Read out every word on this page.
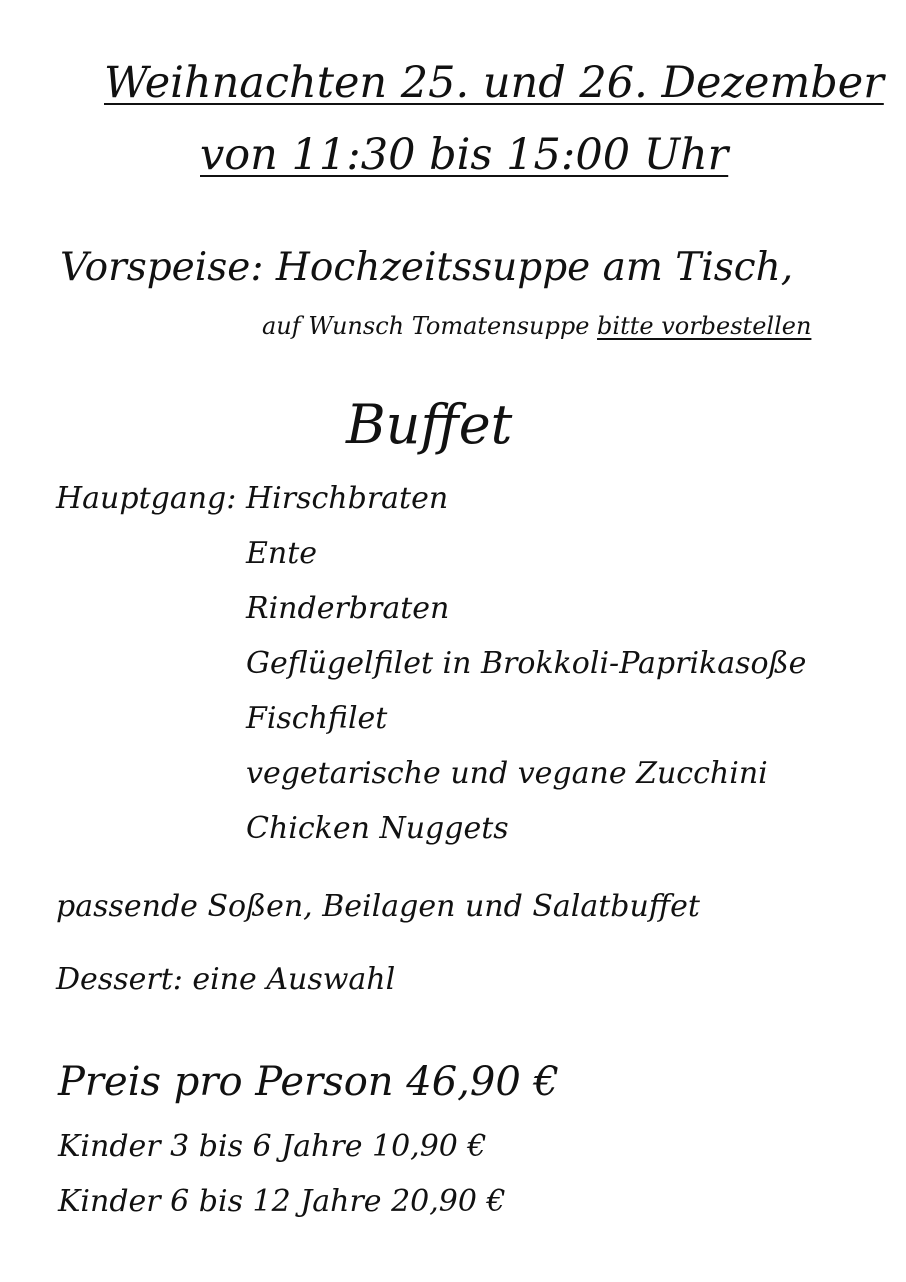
Weihnachten 25. und 26. Dezember
von 11:30 bis 15:00 Uhr
Vorspeise: Hochzeitssuppe am Tisch,
auf Wunsch Tomatensuppe bitte vorbestellen
Buffet
Hauptgang: Hirschbraten
Ente
Rinderbraten
Geflügelfilet in Brokkoli-Paprikasoße
Fischfilet
vegetarische und vegane Zucchini
Chicken Nuggets
passende Soßen, Beilagen und Salatbuffet
Dessert: eine Auswahl
Preis pro Person 46,90 €
Kinder 3 bis 6 Jahre 10,90 €
Kinder 6 bis 12 Jahre 20,90 €
